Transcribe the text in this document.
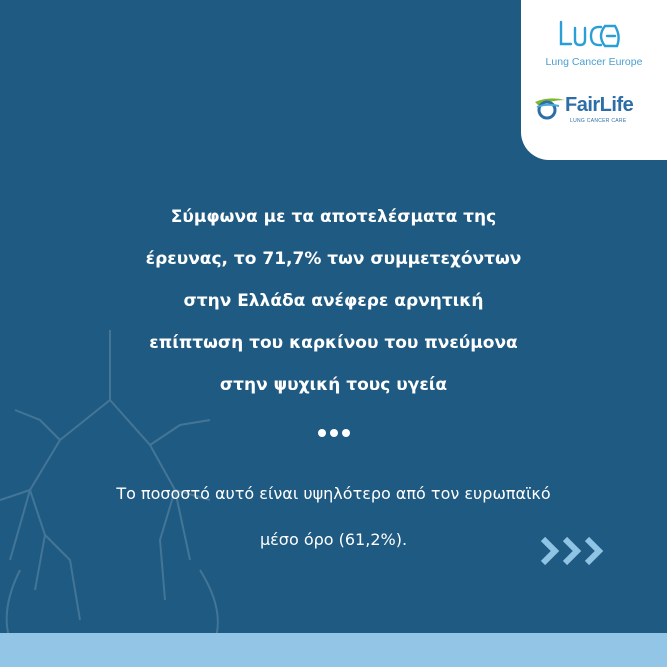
Lung Cancer Europe
FairLife
LUNG CANCER CARE
Σύμφωνα με τα αποτελέσματα της
έρευνας, το 71,7% των συμμετεχόντων
στην Ελλάδα ανέφερε αρνητική
επίπτωση του καρκίνου του πνεύμονα
στην ψυχική τους υγεία
Το ποσοστό αυτό είναι υψηλότερο από τον ευρωπαϊκό
μέσο όρο (61,2%).
